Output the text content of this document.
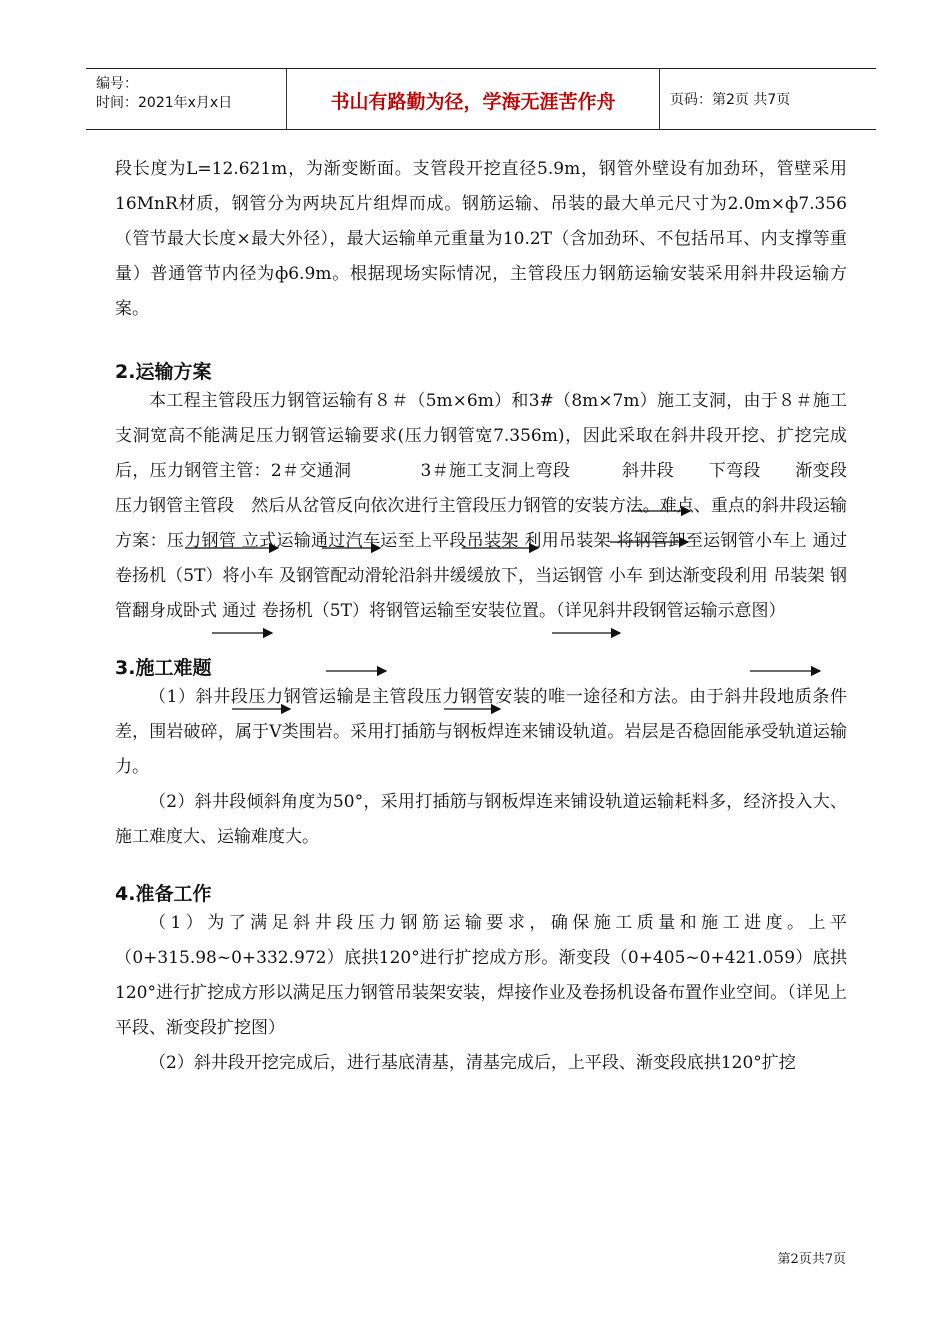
编号：
时间：2021年x月x日	书山有路勤为径，学海无涯苦作舟	页码：第2页 共7页

段长度为L=12.621m，为渐变断面。支管段开挖直径5.9m，钢管外壁设有加劲环，管壁采用16MnR材质，钢管分为两块瓦片组焊而成。钢筋运输、吊装的最大单元尺寸为2.0m×ф7.356（管节最大长度×最大外径），最大运输单元重量为10.2T（含加劲环、不包括吊耳、内支撑等重量）普通管节内径为ф6.9m。根据现场实际情况，主管段压力钢筋运输安装采用斜井段运输方案。

2.运输方案

本工程主管段压力钢管运输有８＃（5m×6m）和3#（8m×7m）施工支洞，由于８＃施工支洞宽高不能满足压力钢管运输要求(压力钢管宽7.356m)，因此采取在斜井段开挖、扩挖完成后，压力钢管主管：2＃交通洞　　　　3＃施工支洞上弯段　　　斜井段　　下弯段　　渐变段　　　压力钢管主管段　然后从岔管反向依次进行主管段压力钢管的安装方法。难点、重点的斜井段运输方案：压力钢管 立式运输通过汽车运至上平段吊装架 利用吊装架 将钢管卸至运钢管小车上 通过 卷扬机（5T）将小车 及钢管配动滑轮沿斜井缓缓放下，当运钢管 小车 到达渐变段利用 吊装架 钢管翻身成卧式 通过 卷扬机（5T）将钢管运输至安装位置。（详见斜井段钢管运输示意图）

3.施工难题

（1）斜井段压力钢管运输是主管段压力钢管安装的唯一途径和方法。由于斜井段地质条件差，围岩破碎，属于Ⅴ类围岩。采用打插筋与钢板焊连来铺设轨道。岩层是否稳固能承受轨道运输力。

（2）斜井段倾斜角度为50°，采用打插筋与钢板焊连来铺设轨道运输耗料多，经济投入大、施工难度大、运输难度大。

4.准备工作

（1）为了满足斜井段压力钢筋运输要求，确保施工质量和施工进度。上平（0+315.98~0+332.972）底拱120°进行扩挖成方形。渐变段（0+405~0+421.059）底拱120°进行扩挖成方形以满足压力钢管吊装架安装，焊接作业及卷扬机设备布置作业空间。（详见上平段、渐变段扩挖图）

（2）斜井段开挖完成后，进行基底清基，清基完成后，上平段、渐变段底拱120°扩挖

第2页共7页
